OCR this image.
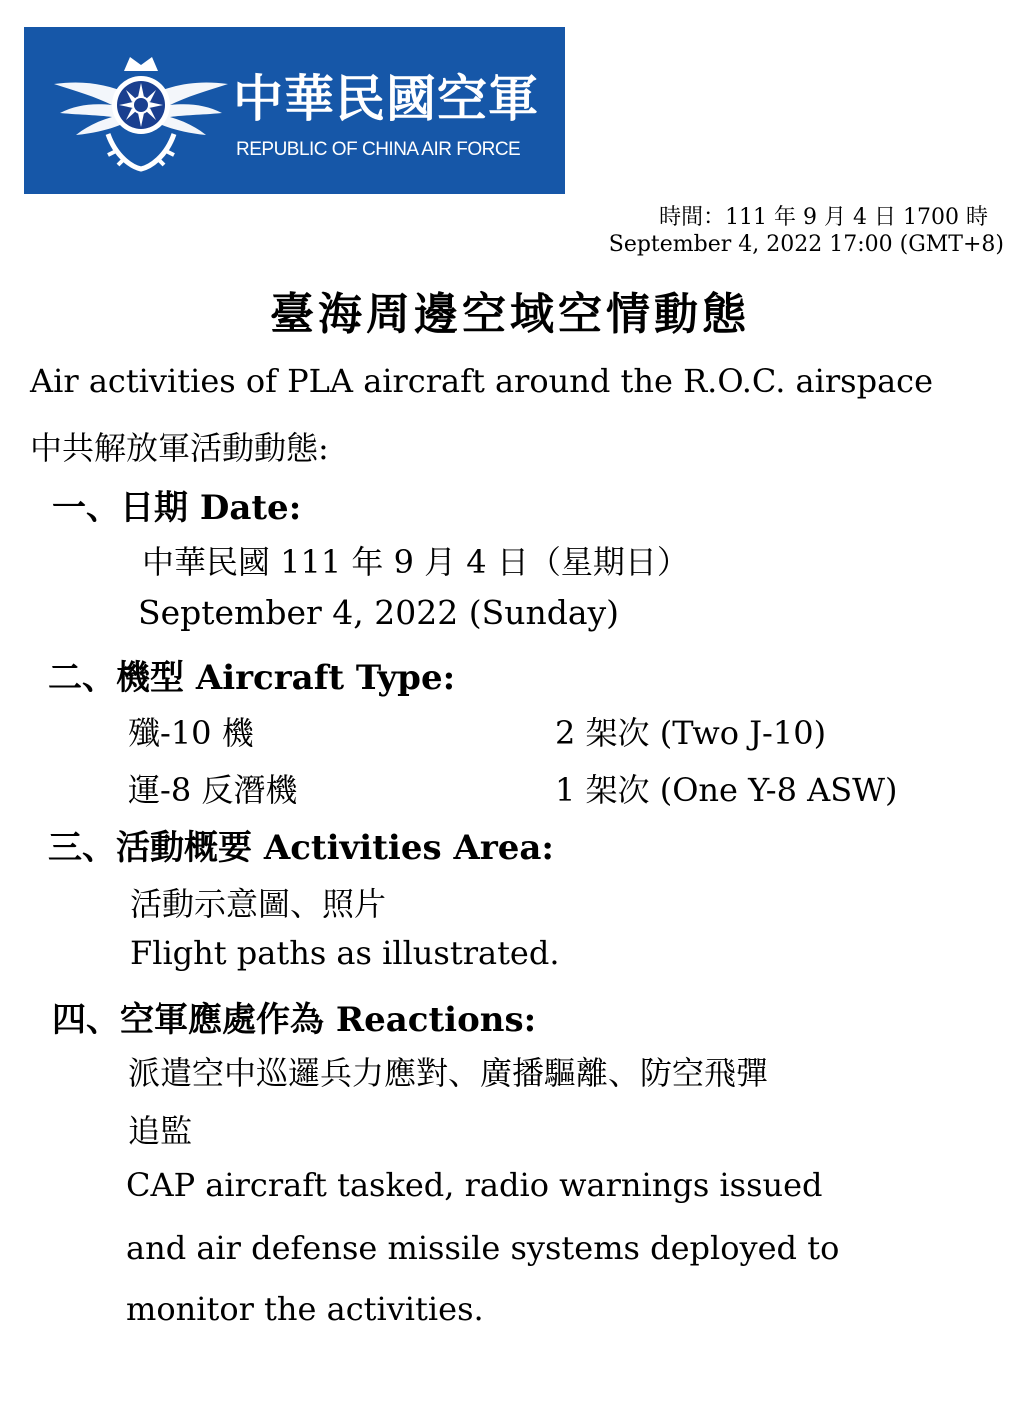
中華民國空軍
REPUBLIC OF CHINA AIR FORCE
時間：111 年 9 月 4 日 1700 時
September 4, 2022 17:00 (GMT+8)
臺海周邊空域空情動態
Air activities of PLA aircraft around the R.O.C. airspace
中共解放軍活動動態:
一、日期 Date:
中華民國 111 年 9 月 4 日（星期日）
September 4, 2022 (Sunday)
二、機型 Aircraft Type:
殲-10 機	2 架次 (Two J-10)
運-8 反潛機	1 架次 (One Y-8 ASW)
三、活動概要 Activities Area:
活動示意圖、照片
Flight paths as illustrated.
四、空軍應處作為 Reactions:
派遣空中巡邏兵力應對、廣播驅離、防空飛彈
追監
CAP aircraft tasked, radio warnings issued
and air defense missile systems deployed to
monitor the activities.
